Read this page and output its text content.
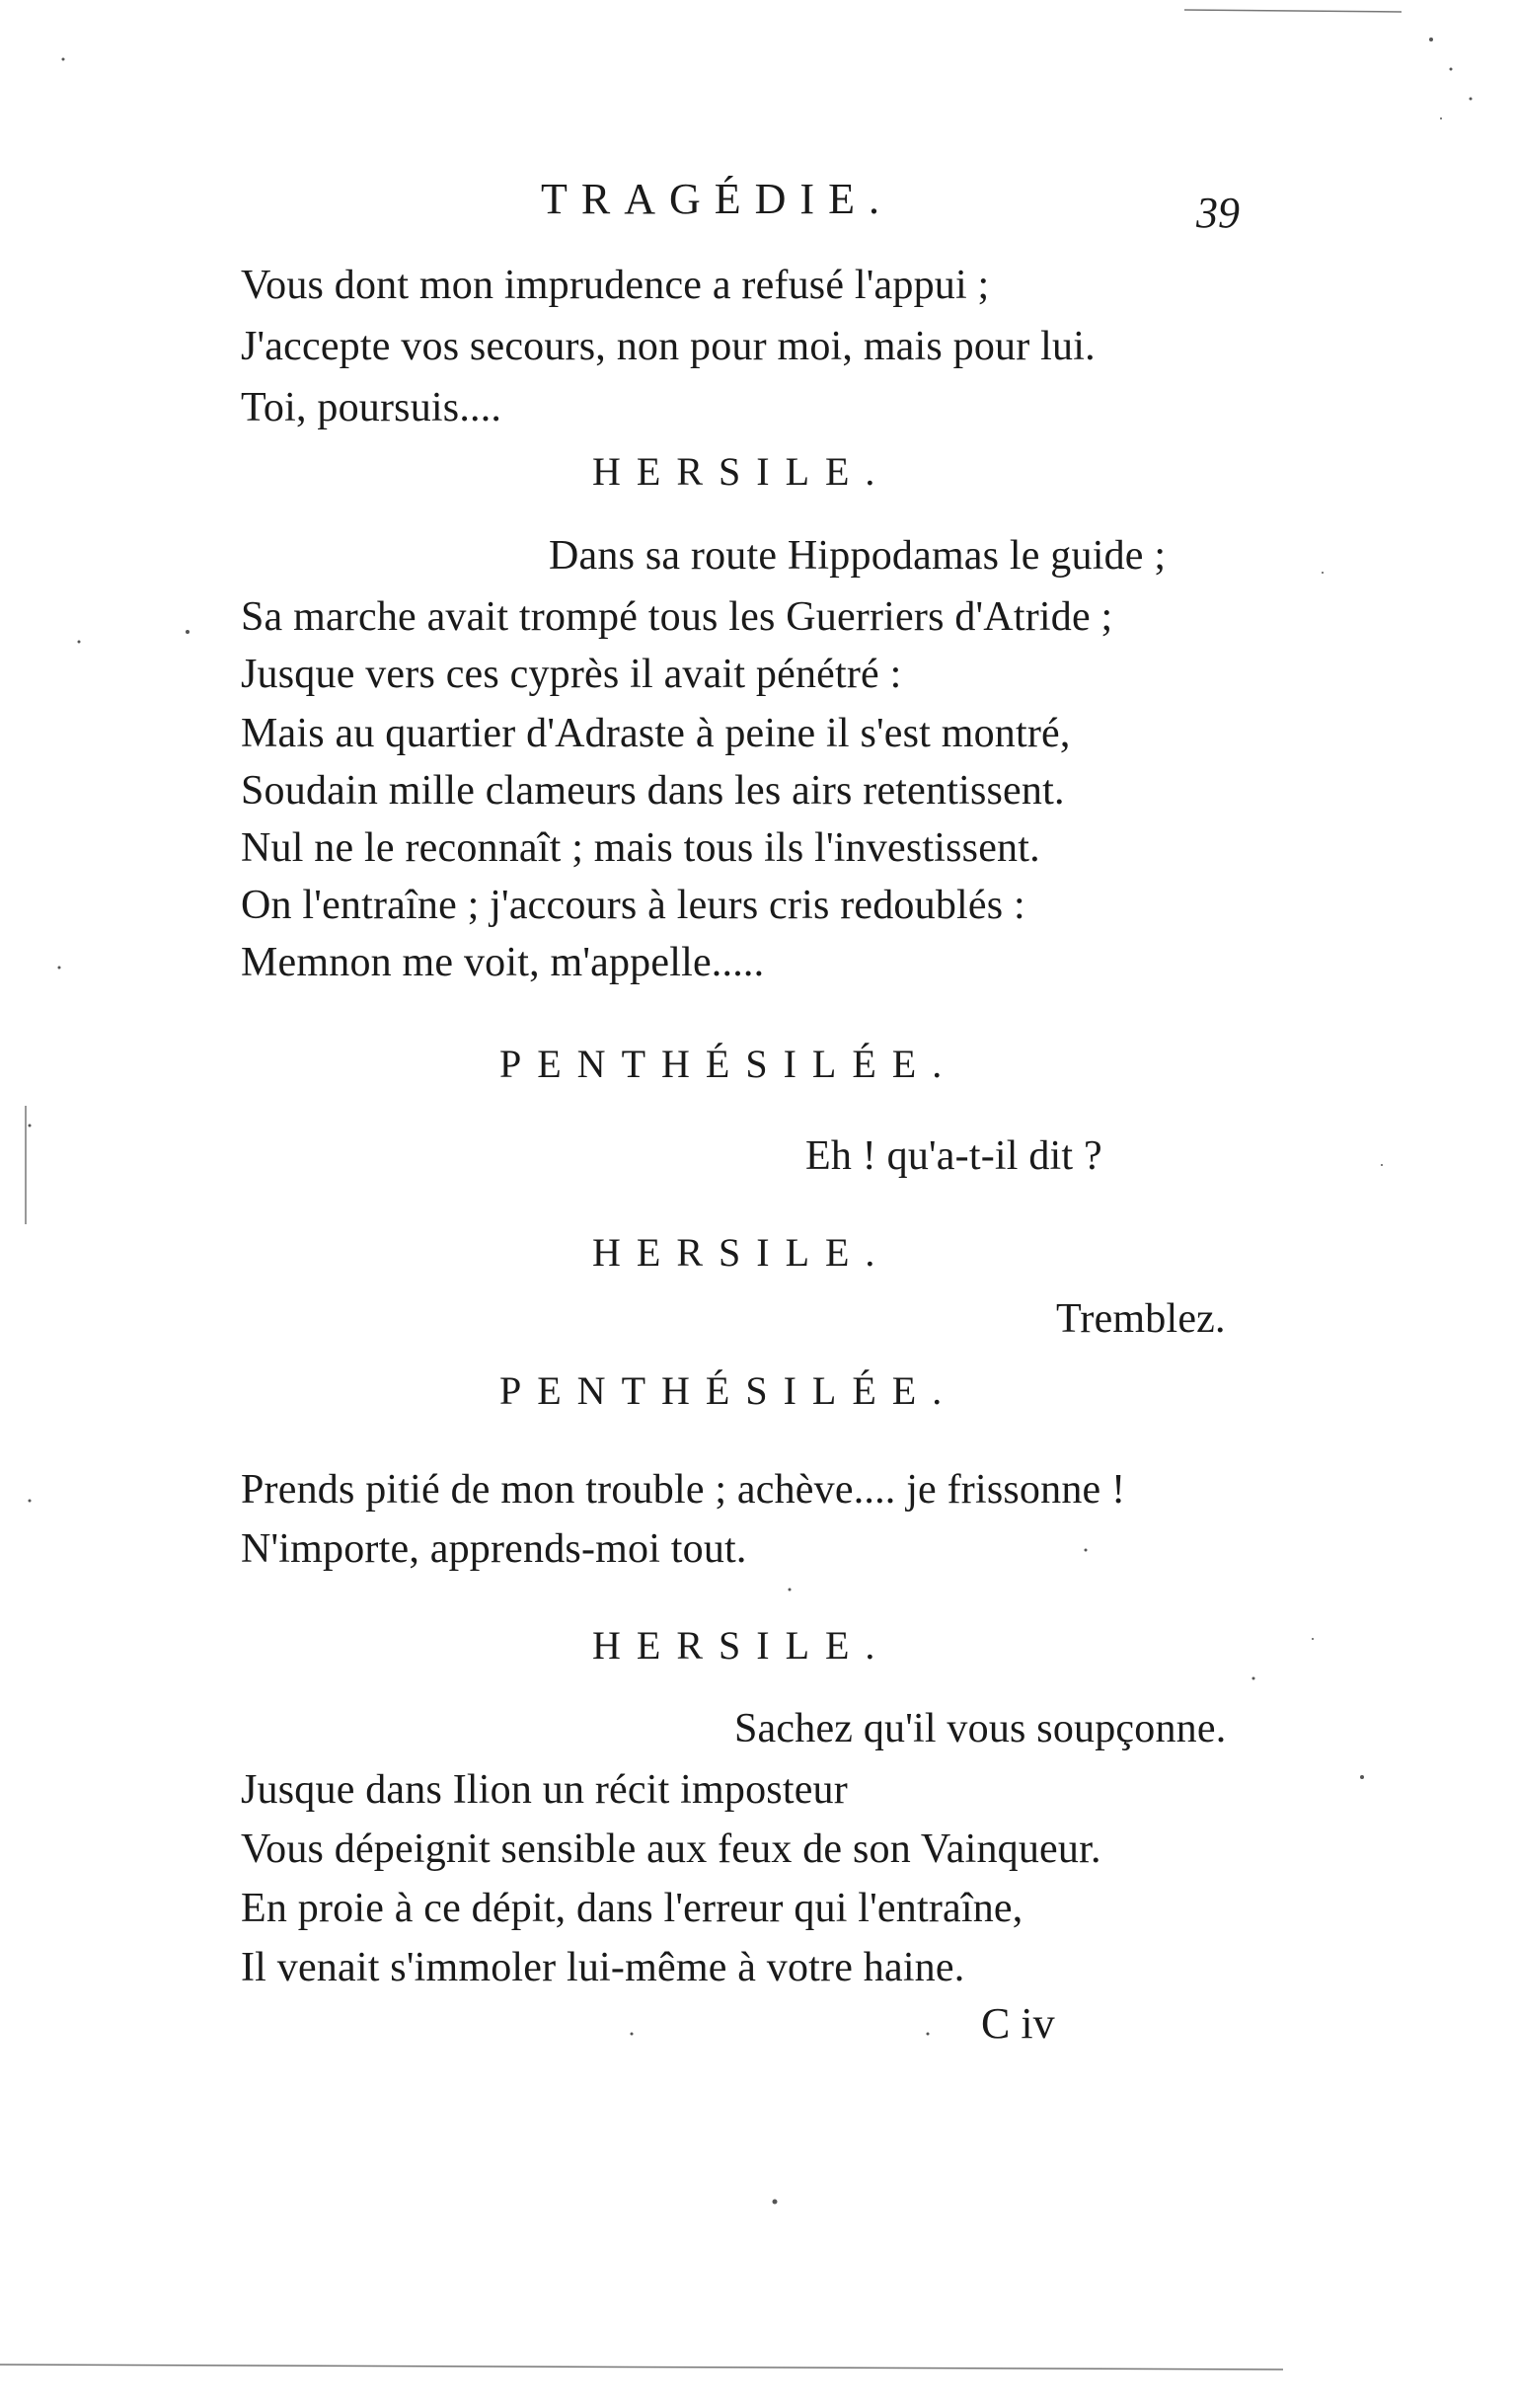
TRAGÉDIE.	39
Vous dont mon imprudence a refusé l'appui ;
J'accepte vos secours, non pour moi, mais pour lui.
Toi, poursuis....
HERSILE.
Dans sa route Hippodamas le guide ;
Sa marche avait trompé tous les Guerriers d'Atride ;
Jusque vers ces cyprès il avait pénétré :
Mais au quartier d'Adraste à peine il s'est montré,
Soudain mille clameurs dans les airs retentissent.
Nul ne le reconnaît ; mais tous ils l'investissent.
On l'entraîne ; j'accours à leurs cris redoublés :
Memnon me voit, m'appelle.....
PENTHÉSILÉE.
Eh ! qu'a-t-il dit ?
HERSILE.
Tremblez.
PENTHÉSILÉE.
Prends pitié de mon trouble ; achève.... je frissonne !
N'importe, apprends-moi tout.
HERSILE.
Sachez qu'il vous soupçonne.
Jusque dans Ilion un récit imposteur
Vous dépeignit sensible aux feux de son Vainqueur.
En proie à ce dépit, dans l'erreur qui l'entraîne,
Il venait s'immoler lui-même à votre haine.
C iv
